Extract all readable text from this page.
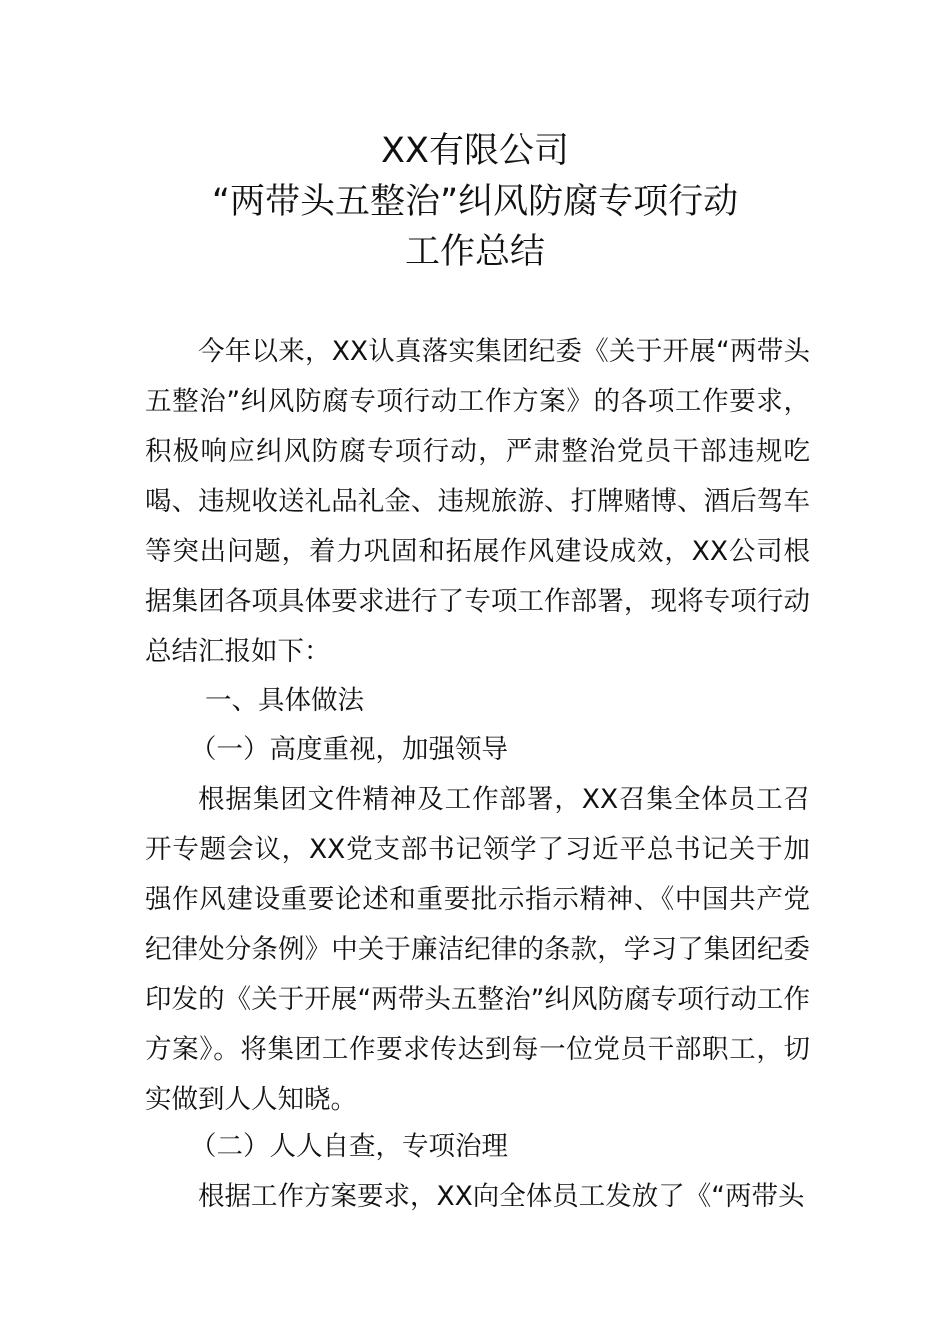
XX有限公司
“两带头五整治”纠风防腐专项行动
工作总结
今年以来，XX认真落实集团纪委《关于开展“两带头五整治”纠风防腐专项行动工作方案》的各项工作要求，积极响应纠风防腐专项行动，严肃整治党员干部违规吃喝、违规收送礼品礼金、违规旅游、打牌赌博、酒后驾车等突出问题，着力巩固和拓展作风建设成效，XX公司根据集团各项具体要求进行了专项工作部署，现将专项行动总结汇报如下：
一、具体做法
（一）高度重视，加强领导
根据集团文件精神及工作部署，XX召集全体员工召开专题会议，XX党支部书记领学了习近平总书记关于加强作风建设重要论述和重要批示指示精神、《中国共产党纪律处分条例》中关于廉洁纪律的条款，学习了集团纪委印发的《关于开展“两带头五整治”纠风防腐专项行动工作方案》。将集团工作要求传达到每一位党员干部职工，切实做到人人知晓。
（二）人人自查，专项治理
根据工作方案要求，XX向全体员工发放了《“两带头
